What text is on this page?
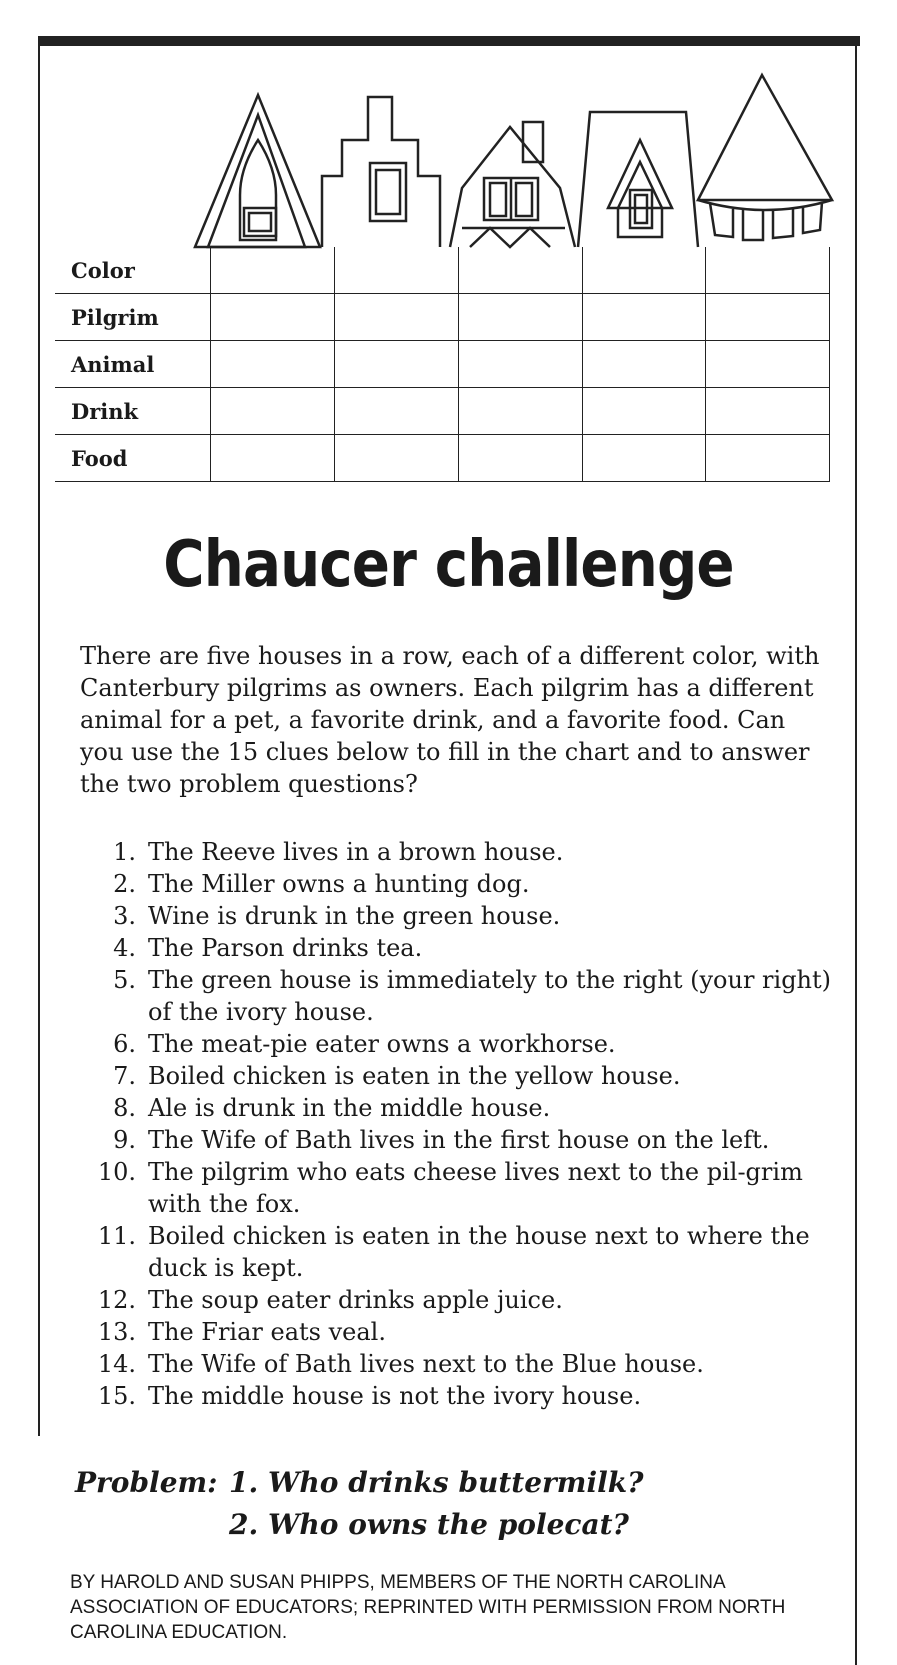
Color					
Pilgrim					
Animal					
Drink					
Food					
Chaucer challenge
There are five houses in a row, each of a different color, with Canterbury pilgrims as owners. Each pilgrim has a different animal for a pet, a favorite drink, and a favorite food. Can you use the 15 clues below to fill in the chart and to answer the two problem questions?
1. The Reeve lives in a brown house.
2. The Miller owns a hunting dog.
3. Wine is drunk in the green house.
4. The Parson drinks tea.
5. The green house is immediately to the right (your right) of the ivory house.
6. The meat-pie eater owns a workhorse.
7. Boiled chicken is eaten in the yellow house.
8. Ale is drunk in the middle house.
9. The Wife of Bath lives in the first house on the left.
10. The pilgrim who eats cheese lives next to the pil-grim with the fox.
11. Boiled chicken is eaten in the house next to where the duck is kept.
12. The soup eater drinks apple juice.
13. The Friar eats veal.
14. The Wife of Bath lives next to the Blue house.
15. The middle house is not the ivory house.
Problem: 1. Who drinks buttermilk?
2. Who owns the polecat?
BY HAROLD AND SUSAN PHIPPS, MEMBERS OF THE NORTH CAROLINA ASSOCIATION OF EDUCATORS; REPRINTED WITH PERMISSION FROM NORTH CAROLINA EDUCATION.
